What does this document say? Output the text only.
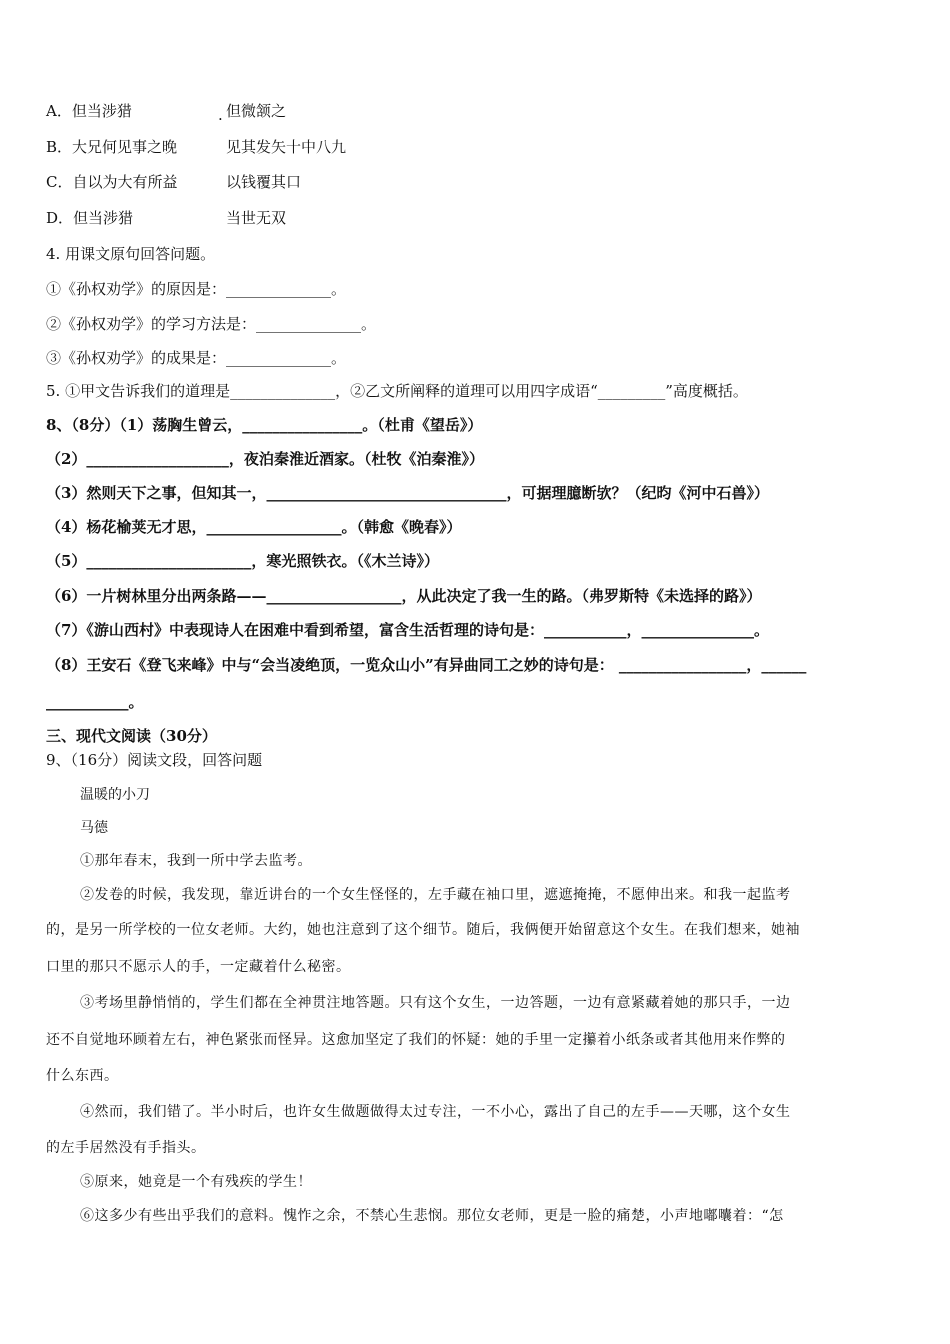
A．但当涉猎	. 但微颔之
B．大兄何见事之晚	见其发矢十中八九
C．自以为大有所益	以钱覆其口
D．但当涉猎	当世无双
4. 用课文原句回答问题。
①《孙权劝学》的原因是：______________。
②《孙权劝学》的学习方法是：______________。
③《孙权劝学》的成果是：______________。
5. ①甲文告诉我们的道理是______________，②乙文所阐释的道理可以用四字成语“_________”高度概括。
8、（8分）（1）荡胸生曾云，________________。（杜甫《望岳》）
（2）___________________，夜泊秦淮近酒家。（杜牧《泊秦淮》）
（3）然则天下之事，但知其一，________________________________，可据理臆断欤？（纪昀《河中石兽》）
（4）杨花榆荚无才思，__________________。（韩愈《晚春》）
（5）______________________，寒光照铁衣。（《木兰诗》）
（6）一片树林里分出两条路——__________________，从此决定了我一生的路。（弗罗斯特《未选择的路》）
（7）《游山西村》中表现诗人在困难中看到希望，富含生活哲理的诗句是：___________，_______________。
（8）王安石《登飞来峰》中与“会当凌绝顶，一览众山小”有异曲同工之妙的诗句是： _________________，______
___________。
三、现代文阅读（30分）
9、（16分）阅读文段，回答问题
温暖的小刀
马德
①那年春末，我到一所中学去监考。
②发卷的时候，我发现，靠近讲台的一个女生怪怪的，左手藏在袖口里，遮遮掩掩，不愿伸出来。和我一起监考
的，是另一所学校的一位女老师。大约，她也注意到了这个细节。随后，我俩便开始留意这个女生。在我们想来，她袖
口里的那只不愿示人的手，一定藏着什么秘密。
③考场里静悄悄的，学生们都在全神贯注地答题。只有这个女生，一边答题，一边有意紧藏着她的那只手，一边
还不自觉地环顾着左右，神色紧张而怪异。这愈加坚定了我们的怀疑：她的手里一定攥着小纸条或者其他用来作弊的
什么东西。
④然而，我们错了。半小时后，也许女生做题做得太过专注，一不小心，露出了自己的左手——天哪，这个女生
的左手居然没有手指头。
⑤原来，她竟是一个有残疾的学生！
⑥这多少有些出乎我们的意料。愧怍之余，不禁心生悲悯。那位女老师，更是一脸的痛楚，小声地嘟囔着：“怎
